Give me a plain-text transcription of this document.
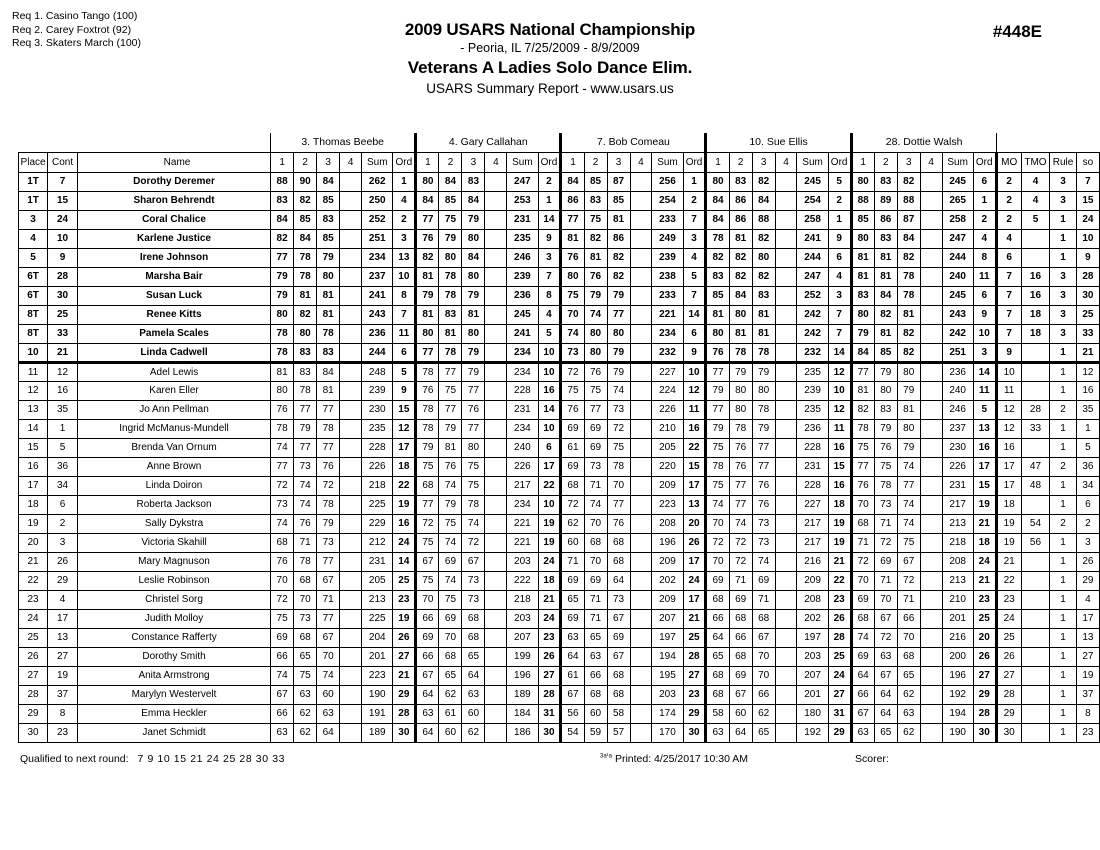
Req 1. Casino Tango (100)
Req 2. Carey Foxtrot (92)
Req 3. Skaters March (100)
2009 USARS National Championship
- Peoria, IL 7/25/2009 - 8/9/2009
Veterans A Ladies Solo Dance Elim.
USARS Summary Report - www.usars.us
#448E
			3. Thomas Beebe						4. Gary Callahan						7. Bob Comeau						10. Sue Ellis						28. Dottie Walsh									
Place	Cont	Name	1	2	3	4	Sum	Ord	1	2	3	4	Sum	Ord	1	2	3	4	Sum	Ord	1	2	3	4	Sum	Ord	1	2	3	4	Sum	Ord	MO	TMO	Rule	so
1T	7	Dorothy Deremer	88	90	84		262	1	80	84	83		247	2	84	85	87		256	1	80	83	82		245	5	80	83	82		245	6	2	4	3	7
1T	15	Sharon Behrendt	83	82	85		250	4	84	85	84		253	1	86	83	85		254	2	84	86	84		254	2	88	89	88		265	1	2	4	3	15
3	24	Coral Chalice	84	85	83		252	2	77	75	79		231	14	77	75	81		233	7	84	86	88		258	1	85	86	87		258	2	2	5	1	24
4	10	Karlene Justice	82	84	85		251	3	76	79	80		235	9	81	82	86		249	3	78	81	82		241	9	80	83	84		247	4	4		1	10
5	9	Irene Johnson	77	78	79		234	13	82	80	84		246	3	76	81	82		239	4	82	82	80		244	6	81	81	82		244	8	6		1	9
6T	28	Marsha Bair	79	78	80		237	10	81	78	80		239	7	80	76	82		238	5	83	82	82		247	4	81	81	78		240	11	7	16	3	28
6T	30	Susan Luck	79	81	81		241	8	79	78	79		236	8	75	79	79		233	7	85	84	83		252	3	83	84	78		245	6	7	16	3	30
8T	25	Renee Kitts	80	82	81		243	7	81	83	81		245	4	70	74	77		221	14	81	80	81		242	7	80	82	81		243	9	7	18	3	25
8T	33	Pamela Scales	78	80	78		236	11	80	81	80		241	5	74	80	80		234	6	80	81	81		242	7	79	81	82		242	10	7	18	3	33
10	21	Linda Cadwell	78	83	83		244	6	77	78	79		234	10	73	80	79		232	9	76	78	78		232	14	84	85	82		251	3	9		1	21
11	12	Adel Lewis	81	83	84		248	5	78	77	79		234	10	72	76	79		227	10	77	79	79		235	12	77	79	80		236	14	10		1	12
12	16	Karen Eller	80	78	81		239	9	76	75	77		228	16	75	75	74		224	12	79	80	80		239	10	81	80	79		240	11	11		1	16
13	35	Jo Ann Pellman	76	77	77		230	15	78	77	76		231	14	76	77	73		226	11	77	80	78		235	12	82	83	81		246	5	12	28	2	35
14	1	Ingrid McManus-Mundell	78	79	78		235	12	78	79	77		234	10	69	69	72		210	16	79	78	79		236	11	78	79	80		237	13	12	33	1	1
15	5	Brenda Van Ornum	74	77	77		228	17	79	81	80		240	6	61	69	75		205	22	75	76	77		228	16	75	76	79		230	16	16		1	5
16	36	Anne Brown	77	73	76		226	18	75	76	75		226	17	69	73	78		220	15	78	76	77		231	15	77	75	74		226	17	17	47	2	36
17	34	Linda Doiron	72	74	72		218	22	68	74	75		217	22	68	71	70		209	17	75	77	76		228	16	76	78	77		231	15	17	48	1	34
18	6	Roberta Jackson	73	74	78		225	19	77	79	78		234	10	72	74	77		223	13	74	77	76		227	18	70	73	74		217	19	18		1	6
19	2	Sally Dykstra	74	76	79		229	16	72	75	74		221	19	62	70	76		208	20	70	74	73		217	19	68	71	74		213	21	19	54	2	2
20	3	Victoria Skahill	68	71	73		212	24	75	74	72		221	19	60	68	68		196	26	72	72	73		217	19	71	72	75		218	18	19	56	1	3
21	26	Mary Magnuson	76	78	77		231	14	67	69	67		203	24	71	70	68		209	17	70	72	74		216	21	72	69	67		208	24	21		1	26
22	29	Leslie Robinson	70	68	67		205	25	75	74	73		222	18	69	69	64		202	24	69	71	69		209	22	70	71	72		213	21	22		1	29
23	4	Christel Sorg	72	70	71		213	23	70	75	73		218	21	65	71	73		209	17	68	69	71		208	23	69	70	71		210	23	23		1	4
24	17	Judith Molloy	75	73	77		225	19	66	69	68		203	24	69	71	67		207	21	66	68	68		202	26	68	67	66		201	25	24		1	17
25	13	Constance Rafferty	69	68	67		204	26	69	70	68		207	23	63	65	69		197	25	64	66	67		197	28	74	72	70		216	20	25		1	13
26	27	Dorothy Smith	66	65	70		201	27	66	68	65		199	26	64	63	67		194	28	65	68	70		203	25	69	63	68		200	26	26		1	27
27	19	Anita Armstrong	74	75	74		223	21	67	65	64		196	27	61	66	68		195	27	68	69	70		207	24	64	67	65		196	27	27		1	19
28	37	Marylyn Westervelt	67	63	60		190	29	64	62	63		189	28	67	68	68		203	23	68	67	66		201	27	66	64	62		192	29	28		1	37
29	8	Emma Heckler	66	62	63		191	28	63	61	60		184	31	56	60	58		174	29	58	60	62		180	31	67	64	63		194	28	29		1	8
30	23	Janet Schmidt	63	62	64		189	30	64	60	62		186	30	54	59	57		170	30	63	64	65		192	29	63	65	62		190	30	30		1	23
Qualified to next round: 7 9 10 15 21 24 25 28 30 33	$^{3a^1a}$ Printed: 4/25/2017 10:30 AM	Scorer:
